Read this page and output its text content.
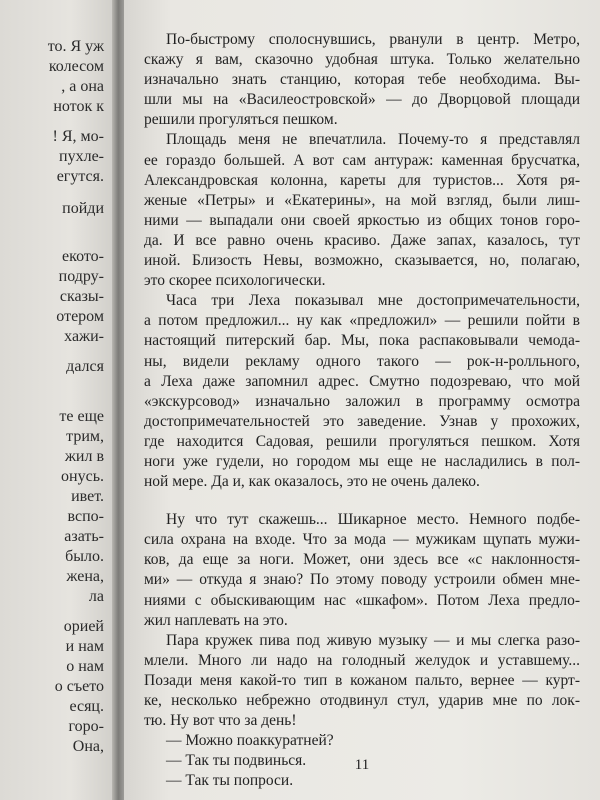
то. Я уж
колесом
, а она
ноток к
! Я, мо-
пухле-
егутся.
пойди
екото-
подру-
сказы-
отером
хажи-
дался
те еще
трим,
жил в
онусь.
ивет.
вспо-
азать-
было.
жена,
ла
орией
и нам
о нам
о съето
есяц.
горо-
Она,
По-быстрому сполоснувшись, рванули в центр. Метро,
скажу я вам, сказочно удобная штука. Только желательно
изначально знать станцию, которая тебе необходима. Вы-
шли мы на «Василеостровской» — до Дворцовой площади
решили прогуляться пешком.
Площадь меня не впечатлила. Почему-то я представлял
ее гораздо большей. А вот сам антураж: каменная брусчатка,
Александровская колонна, кареты для туристов... Хотя ря-
женые «Петры» и «Екатерины», на мой взгляд, были лиш-
ними — выпадали они своей яркостью из общих тонов горо-
да. И все равно очень красиво. Даже запах, казалось, тут
иной. Близость Невы, возможно, сказывается, но, полагаю,
это скорее психологически.
Часа три Леха показывал мне достопримечательности,
а потом предложил... ну как «предложил» — решили пойти в
настоящий питерский бар. Мы, пока распаковывали чемода-
ны, видели рекламу одного такого — рок-н-ролльного,
а Леха даже запомнил адрес. Смутно подозреваю, что мой
«экскурсовод» изначально заложил в программу осмотра
достопримечательностей это заведение. Узнав у прохожих,
где находится Садовая, решили прогуляться пешком. Хотя
ноги уже гудели, но городом мы еще не насладились в пол-
ной мере. Да и, как оказалось, это не очень далеко.
Ну что тут скажешь... Шикарное место. Немного подбе-
сила охрана на входе. Что за мода — мужикам щупать мужи-
ков, да еще за ноги. Может, они здесь все «с наклонностя-
ми» — откуда я знаю? По этому поводу устроили обмен мне-
ниями с обыскивающим нас «шкафом». Потом Леха предло-
жил наплевать на это.
Пара кружек пива под живую музыку — и мы слегка разо-
млели. Много ли надо на голодный желудок и уставшему...
Позади меня какой-то тип в кожаном пальто, вернее — курт-
ке, несколько небрежно отодвинул стул, ударив мне по лок-
тю. Ну вот что за день!
— Можно поаккуратней?
— Так ты подвинься.
— Так ты попроси.
11
